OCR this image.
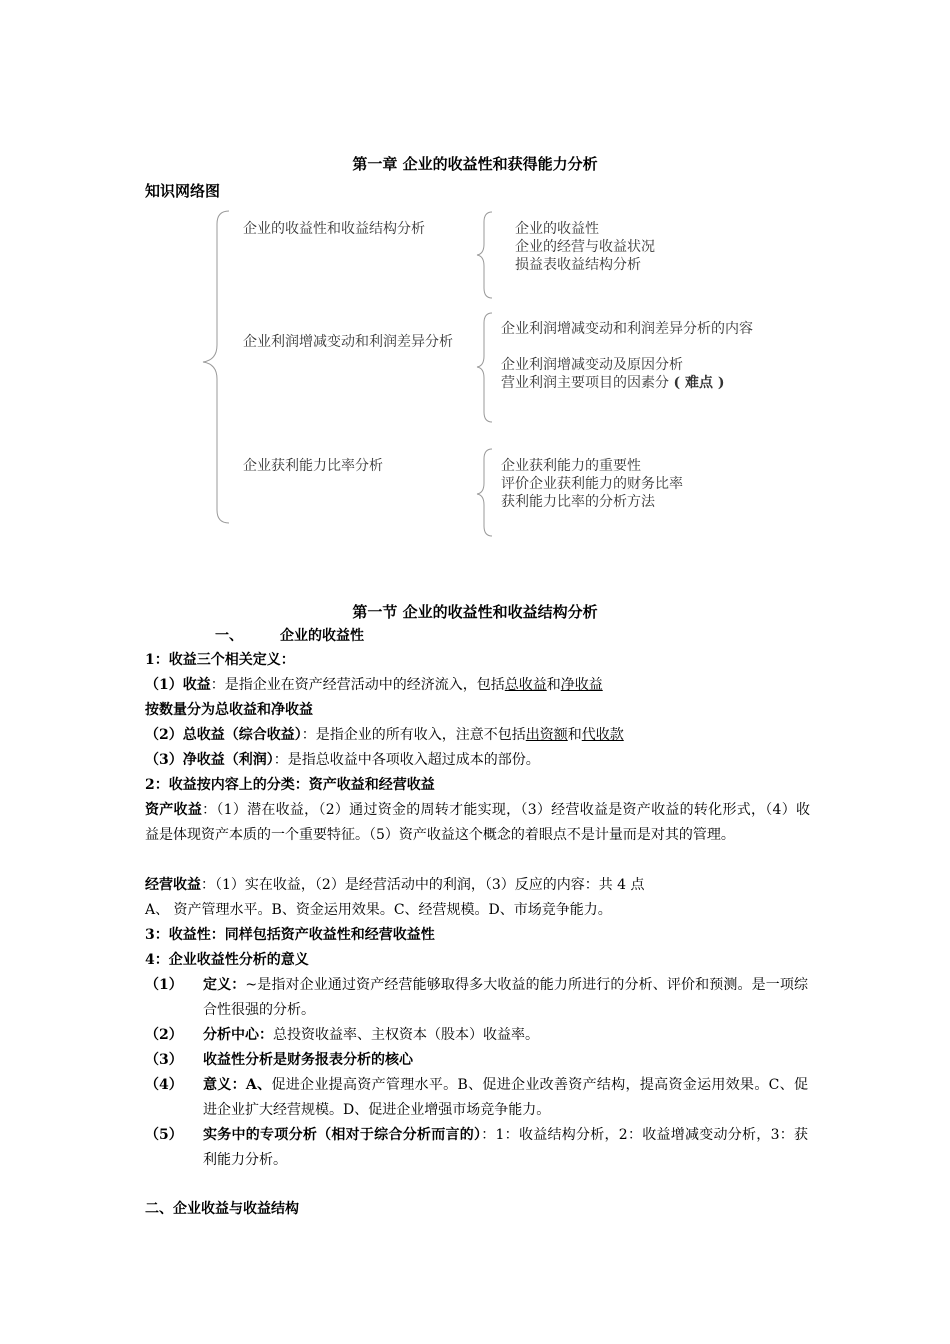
第一章 企业的收益性和获得能力分析
知识网络图
企业的收益性和收益结构分析
企业利润增减变动和利润差异分析
企业获利能力比率分析
企业的收益性
企业的经营与收益状况
损益表收益结构分析
企业利润增减变动和利润差异分析的内容
企业利润增减变动及原因分析
营业利润主要项目的因素分 ( 难点 )
企业获利能力的重要性
评价企业获利能力的财务比率
获利能力比率的分析方法
第一节 企业的收益性和收益结构分析
一、	企业的收益性
1：收益三个相关定义：
（1）收益：是指企业在资产经营活动中的经济流入，包括总收益和净收益
按数量分为总收益和净收益
（2）总收益（综合收益）：是指企业的所有收入，注意不包括出资额和代收款
（3）净收益（利润）：是指总收益中各项收入超过成本的部份。
2：收益按内容上的分类：资产收益和经营收益
资产收益：（1）潜在收益，（2）通过资金的周转才能实现，（3）经营收益是资产收益的转化形式，（4）收益是体现资产本质的一个重要特征。（5）资产收益这个概念的着眼点不是计量而是对其的管理。
经营收益：（1）实在收益，（2）是经营活动中的利润，（3）反应的内容：共 4 点
A、 资产管理水平。B、资金运用效果。C、经营规模。D、市场竞争能力。
3：收益性：同样包括资产收益性和经营收益性
4：企业收益性分析的意义
（1） 定义：~是指对企业通过资产经营能够取得多大收益的能力所进行的分析、评价和预测。是一项综合性很强的分析。
（2） 分析中心：总投资收益率、主权资本（股本）收益率。
（3） 收益性分析是财务报表分析的核心
（4） 意义：A、促进企业提高资产管理水平。B、促进企业改善资产结构，提高资金运用效果。C、促进企业扩大经营规模。D、促进企业增强市场竞争能力。
（5） 实务中的专项分析（相对于综合分析而言的）：1：收益结构分析，2：收益增减变动分析，3：获利能力分析。
二、企业收益与收益结构
